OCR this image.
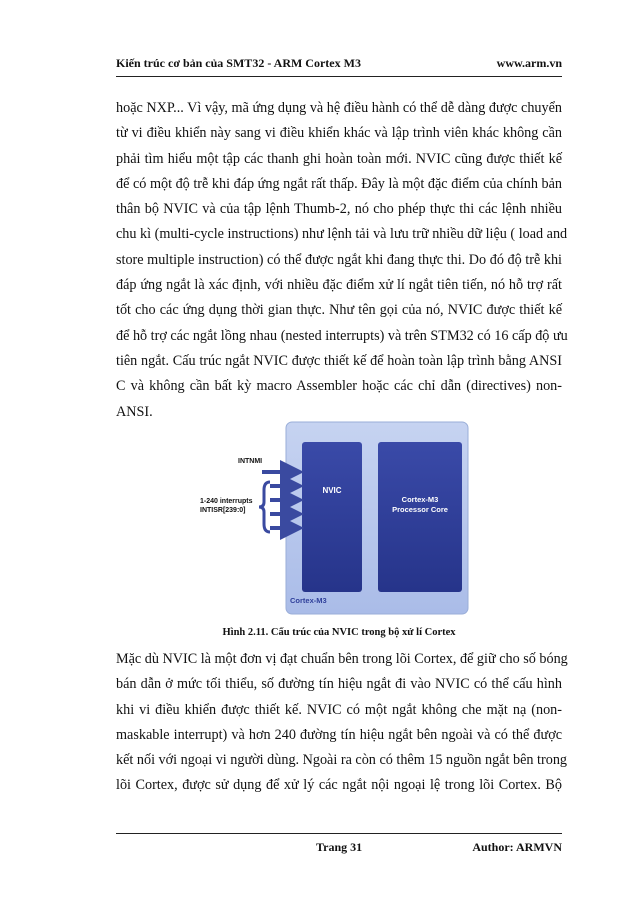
Kiến trúc cơ bản của SMT32 - ARM Cortex M3	www.arm.vn
hoặc NXP... Vì vậy, mã ứng dụng và hệ điều hành có thể dễ dàng được chuyển
từ vi điều khiển này sang vi điều khiển khác và lập trình viên khác không cần
phải tìm hiểu một tập các thanh ghi hoàn toàn mới. NVIC cũng được thiết kế
để có một độ trễ khi đáp ứng ngắt rất thấp. Đây là một đặc điểm của chính bản
thân bộ NVIC và của tập lệnh Thumb-2, nó cho phép thực thi các lệnh nhiều
chu kì (multi-cycle instructions) như lệnh tải và lưu trữ nhiều dữ liệu ( load and
store multiple instruction) có thể được ngắt khi đang thực thi. Do đó độ trễ khi
đáp ứng ngắt là xác định, với nhiều đặc điểm xử lí ngắt tiên tiến, nó hỗ trợ rất
tốt cho các ứng dụng thời gian thực. Như tên gọi của nó, NVIC được thiết kế
để hỗ trợ các ngắt lồng nhau (nested interrupts) và trên STM32 có 16 cấp độ ưu
tiên ngắt. Cấu trúc ngắt NVIC được thiết kế để hoàn toàn lập trình bằng ANSI
C và không cần bất kỳ macro Assembler hoặc các chỉ dẫn (directives) non-
ANSI.
NVIC
Cortex-M3
Processor Core
Cortex-M3
INTNMI
1-240 interrupts
INTISR[239:0]
Hình 2.11. Cấu trúc của NVIC trong bộ xử lí Cortex
Mặc dù NVIC là một đơn vị đạt chuẩn bên trong lõi Cortex, để giữ cho số bóng
bán dẫn ở mức tối thiểu, số đường tín hiệu ngắt đi vào NVIC có thể cấu hình
khi vi điều khiển được thiết kế. NVIC có một ngắt không che mặt nạ (non-
maskable interrupt) và hơn 240 đường tín hiệu ngắt bên ngoài và có thể được
kết nối với ngoại vi người dùng. Ngoài ra còn có thêm 15 nguồn ngắt bên trong
lõi Cortex, được sử dụng để xử lý các ngắt nội ngoại lệ trong lõi Cortex. Bộ
Trang 31	Author: ARMVN
